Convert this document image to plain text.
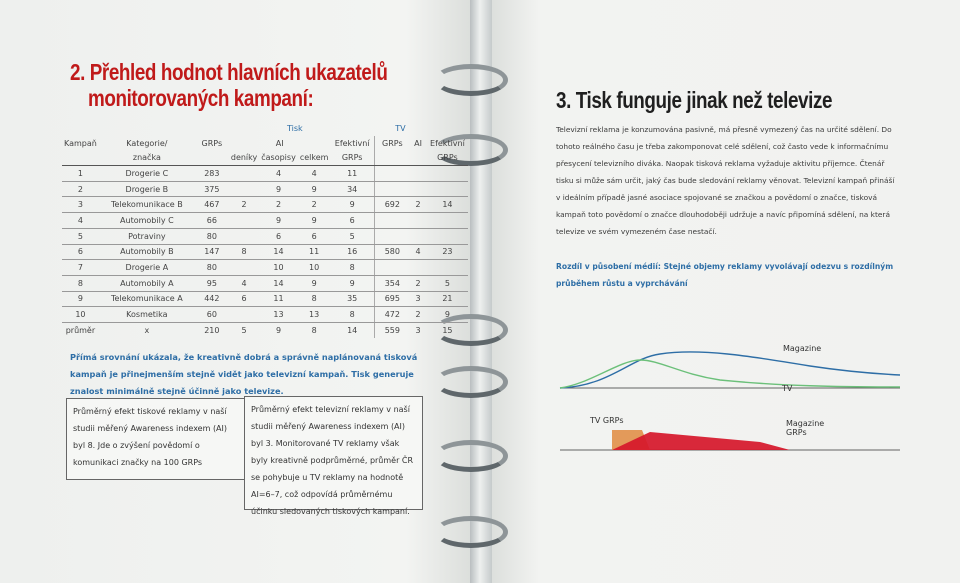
2. Přehled hodnot hlavních ukazatelů
monitorovaných kampaní:
				Tisk			TV		
Kampaň	Kategorie/	GRPs	AI			Efektivní	GRPs	AI	Efektivní
	značka		deníky	časopisy	celkem	GRPs			GRPs
1	Drogerie C	283		4	4	11			
2	Drogerie B	375		9	9	34			
3	Telekomunikace B	467	2	2	2	9	692	2	14
4	Automobily C	66		9	9	6			
5	Potraviny	80		6	6	5			
6	Automobily B	147	8	14	11	16	580	4	23
7	Drogerie A	80		10	10	8			
8	Automobily A	95	4	14	9	9	354	2	5
9	Telekomunikace A	442	6	11	8	35	695	3	21
10	Kosmetika	60		13	13	8	472	2	9
průměr	x	210	5	9	8	14	559	3	15
Přímá srovnání ukázala, že kreativně dobrá a správně naplánovaná tisková kampaň je přinejmenším stejně vidět jako televizní kampaň. Tisk generuje znalost minimálně stejně účinně jako televize.
Průměrný efekt tiskové reklamy v naší studii měřený Awareness indexem (AI) byl 8. Jde o zvýšení povědomí o komunikaci značky na 100 GRPs
Průměrný efekt televizní reklamy v naší studii měřený Awareness indexem (AI) byl 3. Monitorované TV reklamy však byly kreativně podprůměrné, průměr ČR se pohybuje u TV reklamy na hodnotě AI=6–7, což odpovídá průměrnému účinku sledovaných tiskových kampaní.
3. Tisk funguje jinak než televize
Televizní reklama je konzumována pasivně, má přesně vymezený čas na určité sdělení. Do tohoto reálného času je třeba zakomponovat celé sdělení, což často vede k informačnímu přesycení televizního diváka. Naopak tisková reklama vyžaduje aktivitu příjemce. Čtenář tisku si může sám určit, jaký čas bude sledování reklamy věnovat. Televizní kampaň přináší v ideálním případě jasné asociace spojované se značkou a povědomí o značce, tisková kampaň toto povědomí o značce dlouhodoběji udržuje a navíc připomíná sdělení, na která televize ve svém vymezeném čase nestačí.
Rozdíl v působení médií: Stejné objemy reklamy vyvolávají odezvu s rozdílným průběhem růstu a vyprchávání
Magazine
TV
TV GRPs	Magazine GRPs
